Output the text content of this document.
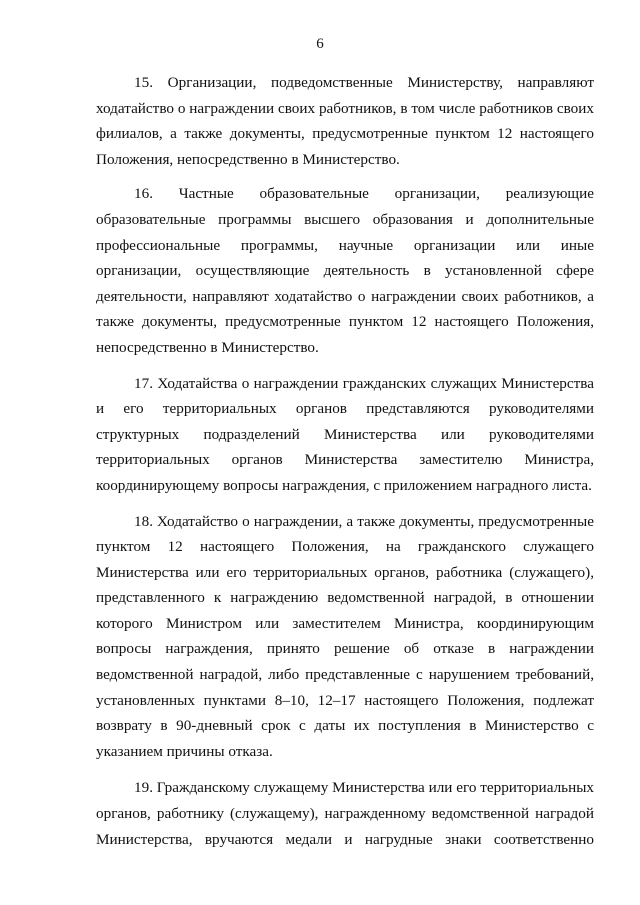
6

15. Организации, подведомственные Министерству, направляют ходатайство о награждении своих работников, в том числе работников своих филиалов, а также документы, предусмотренные пунктом 12 настоящего Положения, непосредственно в Министерство.

16. Частные образовательные организации, реализующие образовательные программы высшего образования и дополнительные профессиональные программы, научные организации или иные организации, осуществляющие деятельность в установленной сфере деятельности, направляют ходатайство о награждении своих работников, а также документы, предусмотренные пунктом 12 настоящего Положения, непосредственно в Министерство.

17. Ходатайства о награждении гражданских служащих Министерства и его территориальных органов представляются руководителями структурных подразделений Министерства или руководителями территориальных органов Министерства заместителю Министра, координирующему вопросы награждения, с приложением наградного листа.

18. Ходатайство о награждении, а также документы, предусмотренные пунктом 12 настоящего Положения, на гражданского служащего Министерства или его территориальных органов, работника (служащего), представленного к награждению ведомственной наградой, в отношении которого Министром или заместителем Министра, координирующим вопросы награждения, принято решение об отказе в награждении ведомственной наградой, либо представленные с нарушением требований, установленных пунктами 8–10, 12–17 настоящего Положения, подлежат возврату в 90-дневный срок с даты их поступления в Министерство с указанием причины отказа.

19. Гражданскому служащему Министерства или его территориальных органов, работнику (служащему), награжденному ведомственной наградой Министерства, вручаются медали и нагрудные знаки соответственно
